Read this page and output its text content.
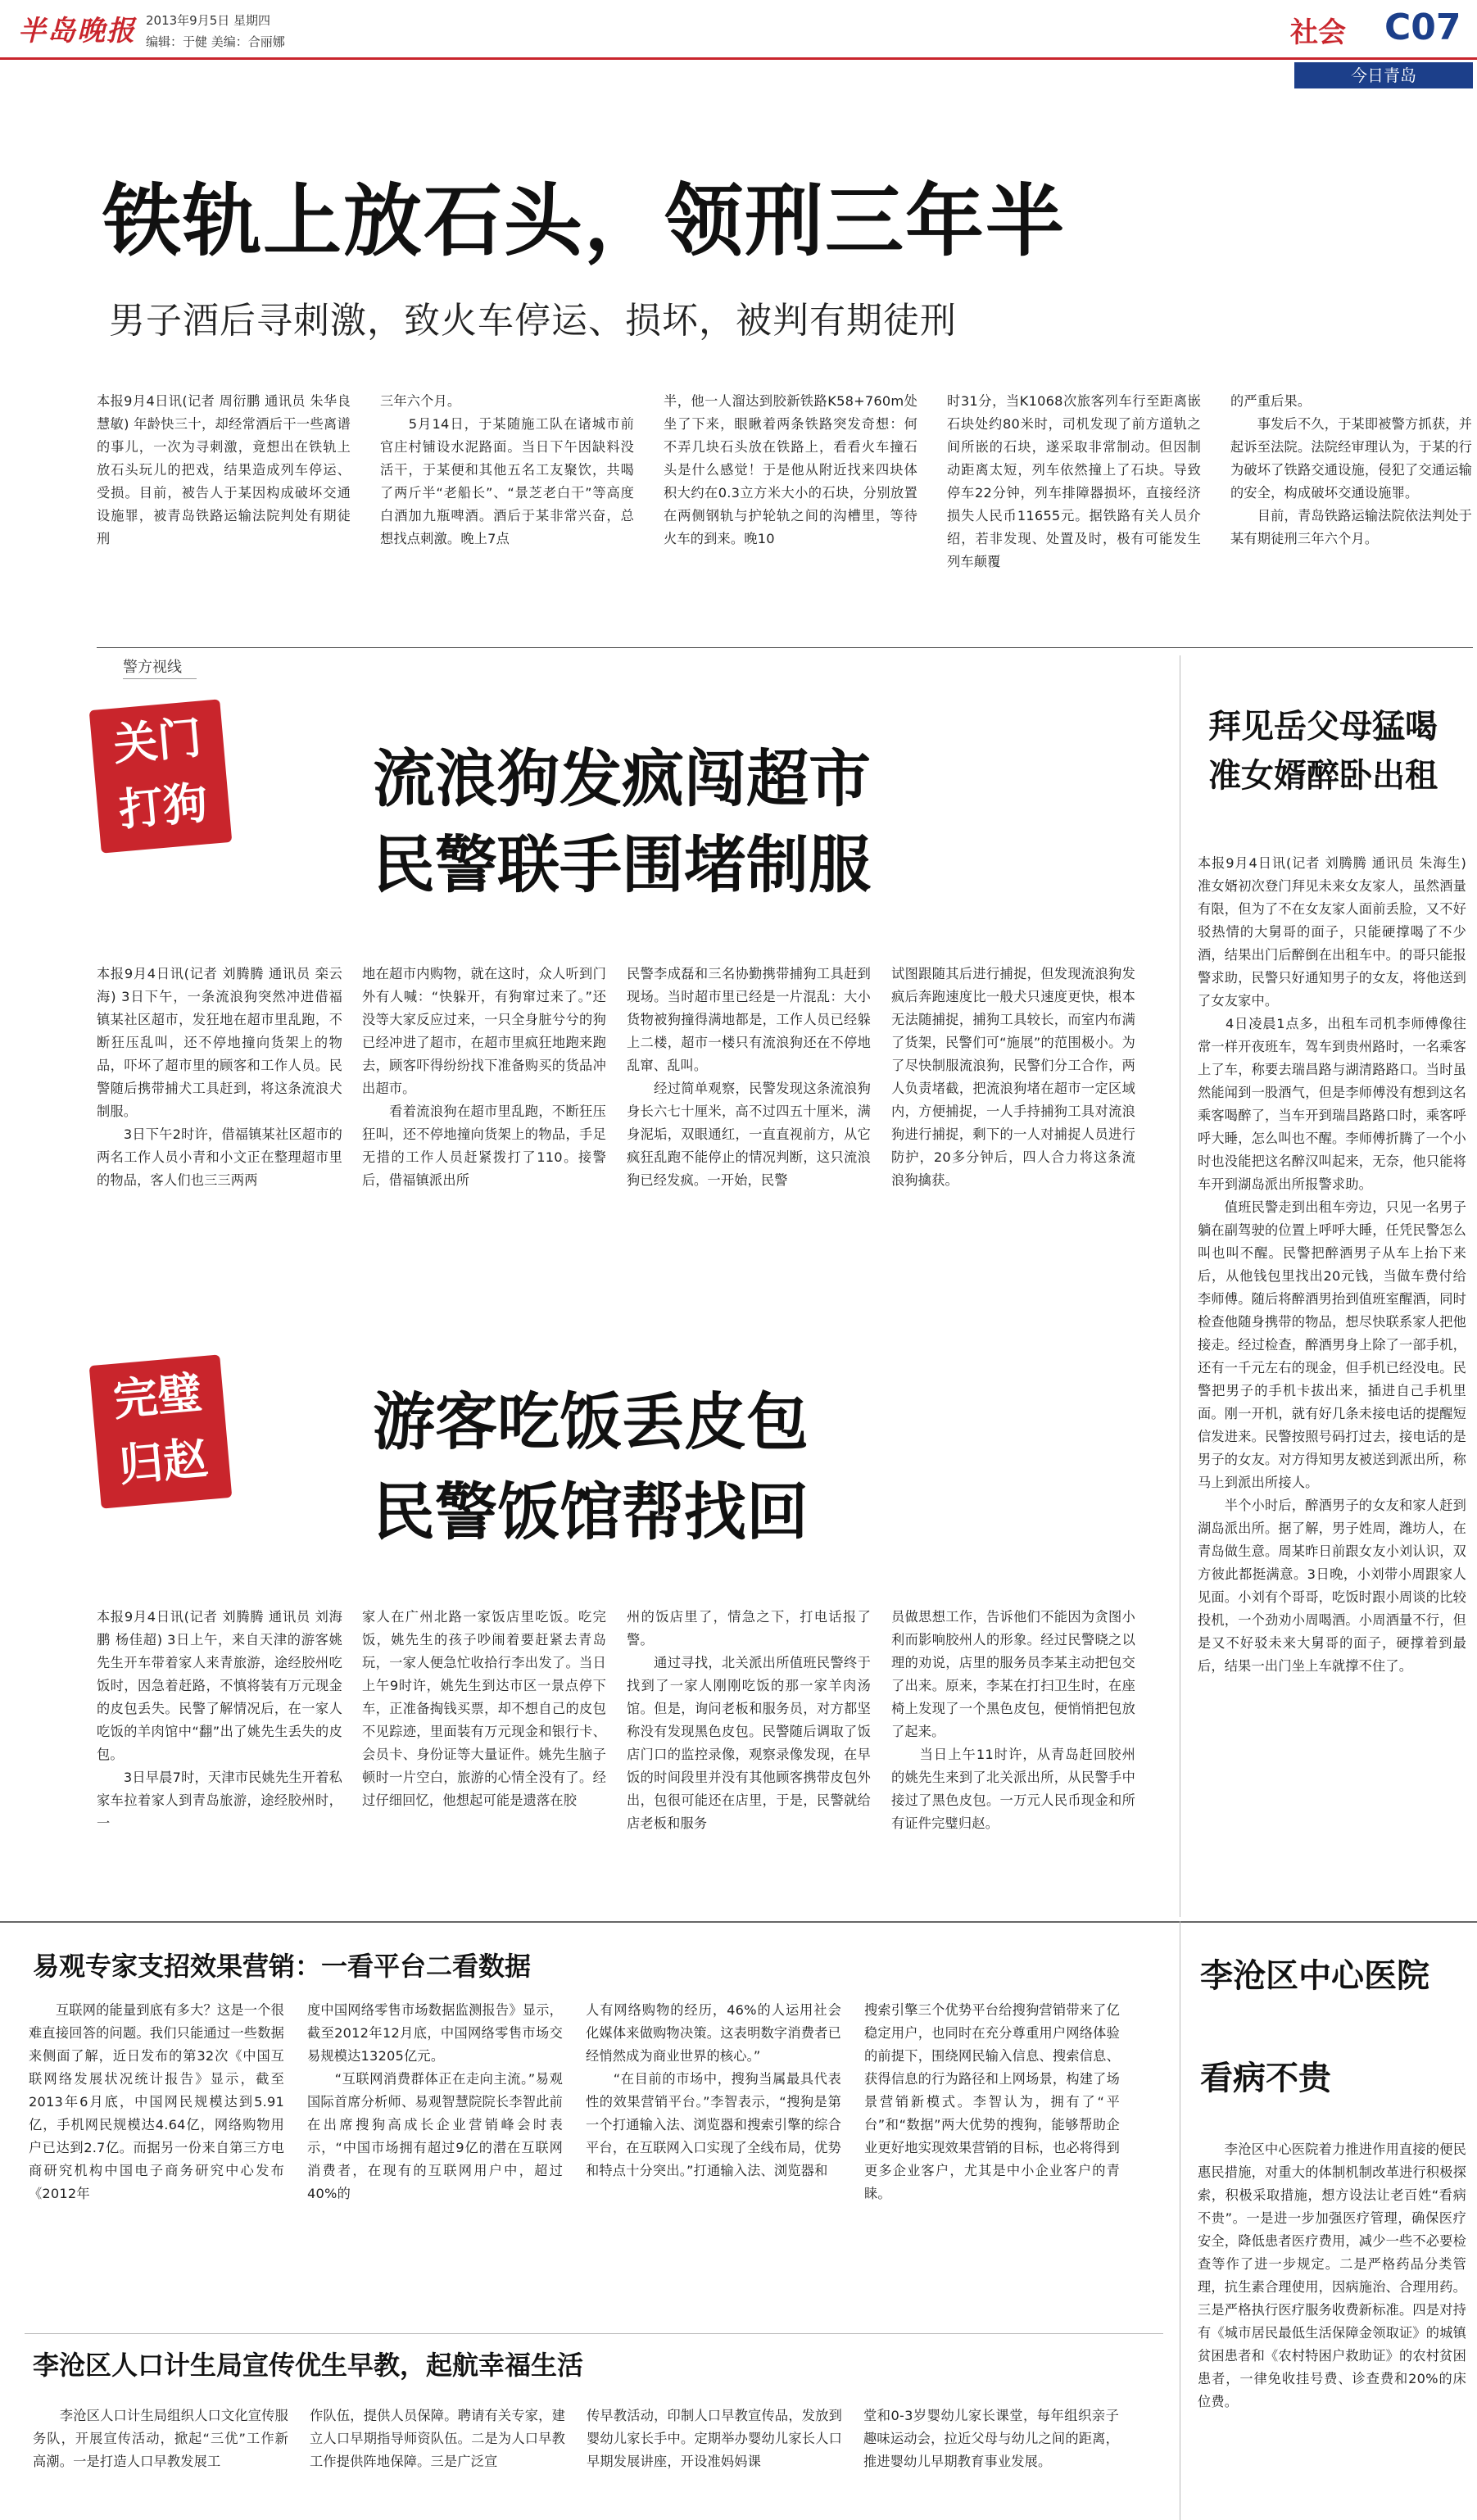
半岛晚报 2013年9月5日 星期四
编辑：于健 美编：合丽娜	社会 C07
今日青岛
铁轨上放石头，领刑三年半
男子酒后寻刺激，致火车停运、损坏，被判有期徒刑
本报9月4日讯(记者 周衍鹏 通讯员 朱华良 慧敏) 年龄快三十，却经常酒后干一些离谱的事儿，一次为寻刺激，竟想出在铁轨上放石头玩儿的把戏，结果造成列车停运、受损。目前，被告人于某因构成破坏交通设施罪，被青岛铁路运输法院判处有期徒刑
三年六个月。
　　5月14日，于某随施工队在诸城市前官庄村铺设水泥路面。当日下午因缺料没活干，于某便和其他五名工友聚饮，共喝了两斤半“老船长”、“景芝老白干”等高度白酒加九瓶啤酒。酒后于某非常兴奋，总想找点刺激。晚上7点
半，他一人溜达到胶新铁路K58+760m处坐了下来，眼瞅着两条铁路突发奇想：何不弄几块石头放在铁路上，看看火车撞石头是什么感觉！于是他从附近找来四块体积大约在0.3立方米大小的石块，分别放置在两侧钢轨与护轮轨之间的沟槽里，等待火车的到来。晚10
时31分，当K1068次旅客列车行至距离嵌石块处约80米时，司机发现了前方道轨之间所嵌的石块，遂采取非常制动。但因制动距离太短，列车依然撞上了石块。导致停车22分钟，列车排障器损坏，直接经济损失人民币11655元。据铁路有关人员介绍，若非发现、处置及时，极有可能发生列车颠覆
的严重后果。
　　事发后不久，于某即被警方抓获，并起诉至法院。法院经审理认为，于某的行为破坏了铁路交通设施，侵犯了交通运输的安全，构成破坏交通设施罪。
　　目前，青岛铁路运输法院依法判处于某有期徒刑三年六个月。
警方视线
关门打狗	流浪狗发疯闯超市
民警联手围堵制服
本报9月4日讯(记者 刘腾腾 通讯员 栾云海) 3日下午，一条流浪狗突然冲进借福镇某社区超市，发狂地在超市里乱跑，不断狂压乱叫，还不停地撞向货架上的物品，吓坏了超市里的顾客和工作人员。民警随后携带捕犬工具赶到，将这条流浪犬制服。
　　3日下午2时许，借福镇某社区超市的两名工作人员小青和小文正在整理超市里的物品，客人们也三三两两
地在超市内购物，就在这时，众人听到门外有人喊：“快躲开，有狗窜过来了。”还没等大家反应过来，一只全身脏兮兮的狗已经冲进了超市，在超市里疯狂地跑来跑去，顾客吓得纷纷找下准备购买的货品冲出超市。
　　看着流浪狗在超市里乱跑，不断狂压狂叫，还不停地撞向货架上的物品，手足无措的工作人员赶紧拨打了110。接警后，借福镇派出所
民警李成磊和三名协勤携带捕狗工具赶到现场。当时超市里已经是一片混乱：大小货物被狗撞得满地都是，工作人员已经躲上二楼，超市一楼只有流浪狗还在不停地乱窜、乱叫。
　　经过简单观察，民警发现这条流浪狗身长六七十厘米，高不过四五十厘米，满身泥垢，双眼通红，一直直视前方，从它疯狂乱跑不能停止的情况判断，这只流浪狗已经发疯。一开始，民警
试图跟随其后进行捕捉，但发现流浪狗发疯后奔跑速度比一般犬只速度更快，根本无法随捕捉，捕狗工具较长，而室内布满了货架，民警们可“施展”的范围极小。为了尽快制服流浪狗，民警们分工合作，两人负责堵截，把流浪狗堵在超市一定区域内，方便捕捉，一人手持捕狗工具对流浪狗进行捕捉，剩下的一人对捕捉人员进行防护，20多分钟后，四人合力将这条流浪狗擒获。
完璧归赵
游客吃饭丢皮包
民警饭馆帮找回
本报9月4日讯(记者 刘腾腾 通讯员 刘海鹏 杨佳超) 3日上午，来自天津的游客姚先生开车带着家人来青旅游，途经胶州吃饭时，因急着赶路，不慎将装有万元现金的皮包丢失。民警了解情况后，在一家人吃饭的羊肉馆中“翻”出了姚先生丢失的皮包。
　　3日早晨7时，天津市民姚先生开着私家车拉着家人到青岛旅游，途经胶州时，一
家人在广州北路一家饭店里吃饭。吃完饭，姚先生的孩子吵闹着要赶紧去青岛玩，一家人便急忙收拾行李出发了。当日上午9时许，姚先生到达市区一景点停下车，正准备掏钱买票，却不想自己的皮包不见踪迹，里面装有万元现金和银行卡、会员卡、身份证等大量证件。姚先生脑子顿时一片空白，旅游的心情全没有了。经过仔细回忆，他想起可能是遗落在胶
州的饭店里了，情急之下，打电话报了警。
　　通过寻找，北关派出所值班民警终于找到了一家人刚刚吃饭的那一家羊肉汤馆。但是，询问老板和服务员，对方都坚称没有发现黑色皮包。民警随后调取了饭店门口的监控录像，观察录像发现，在早饭的时间段里并没有其他顾客携带皮包外出，包很可能还在店里，于是，民警就给店老板和服务
员做思想工作，告诉他们不能因为贪图小利而影响胶州人的形象。经过民警晓之以理的劝说，店里的服务员李某主动把包交了出来。原来，李某在打扫卫生时，在座椅上发现了一个黑色皮包，便悄悄把包放了起来。
　　当日上午11时许，从青岛赶回胶州的姚先生来到了北关派出所，从民警手中接过了黑色皮包。一万元人民币现金和所有证件完璧归赵。
拜见岳父母猛喝
准女婿醉卧出租
本报9月4日讯(记者 刘腾腾 通讯员 朱海生) 准女婿初次登门拜见未来女友家人，虽然酒量有限，但为了不在女友家人面前丢脸，又不好驳热情的大舅哥的面子，只能硬撑喝了不少酒，结果出门后醉倒在出租车中。的哥只能报警求助，民警只好通知男子的女友，将他送到了女友家中。
　　4日凌晨1点多，出租车司机李师傅像往常一样开夜班车，驾车到贵州路时，一名乘客上了车，称要去瑞昌路与湖清路路口。当时虽然能闻到一股酒气，但是李师傅没有想到这名乘客喝醉了，当车开到瑞昌路路口时，乘客呼呼大睡，怎么叫也不醒。李师傅折腾了一个小时也没能把这名醉汉叫起来，无奈，他只能将车开到湖岛派出所报警求助。
　　值班民警走到出租车旁边，只见一名男子躺在副驾驶的位置上呼呼大睡，任凭民警怎么叫也叫不醒。民警把醉酒男子从车上抬下来后，从他钱包里找出20元钱，当做车费付给李师傅。随后将醉酒男抬到值班室醒酒，同时检查他随身携带的物品，想尽快联系家人把他接走。经过检查，醉酒男身上除了一部手机，还有一千元左右的现金，但手机已经没电。民警把男子的手机卡拔出来，插进自己手机里面。刚一开机，就有好几条未接电话的提醒短信发进来。民警按照号码打过去，接电话的是男子的女友。对方得知男友被送到派出所，称马上到派出所接人。
　　半个小时后，醉酒男子的女友和家人赶到湖岛派出所。据了解，男子姓周，潍坊人，在青岛做生意。周某昨日前跟女友小刘认识，双方彼此都挺满意。3日晚，小刘带小周跟家人见面。小刘有个哥哥，吃饭时跟小周谈的比较投机，一个劲劝小周喝酒。小周酒量不行，但是又不好驳未来大舅哥的面子，硬撑着到最后，结果一出门坐上车就撑不住了。
易观专家支招效果营销：一看平台二看数据
　　互联网的能量到底有多大？这是一个很难直接回答的问题。我们只能通过一些数据来侧面了解，近日发布的第32次《中国互联网络发展状况统计报告》显示，截至2013年6月底，中国网民规模达到5.91亿，手机网民规模达4.64亿，网络购物用户已达到2.7亿。而据另一份来自第三方电商研究机构中国电子商务研究中心发布《2012年
度中国网络零售市场数据监测报告》显示，截至2012年12月底，中国网络零售市场交易规模达13205亿元。
　　“互联网消费群体正在走向主流。”易观国际首席分析师、易观智慧院院长李智此前在出席搜狗高成长企业营销峰会时表示，“中国市场拥有超过9亿的潜在互联网消费者，在现有的互联网用户中，超过40%的
人有网络购物的经历，46%的人运用社会化媒体来做购物决策。这表明数字消费者已经悄然成为商业世界的核心。”
　　“在目前的市场中，搜狗当属最具代表性的效果营销平台。”李智表示，“搜狗是第一个打通输入法、浏览器和搜索引擎的综合平台，在互联网入口实现了全线布局，优势和特点十分突出。”打通输入法、浏览器和
搜索引擎三个优势平台给搜狗营销带来了亿稳定用户，也同时在充分尊重用户网络体验的前提下，围绕网民输入信息、搜索信息、获得信息的行为路径和上网场景，构建了场景营销新模式。李智认为，拥有了“平台”和“数据”两大优势的搜狗，能够帮助企业更好地实现效果营销的目标，也必将得到更多企业客户，尤其是中小企业客户的青睐。
李沧区中心医院
看病不贵
　　李沧区中心医院着力推进作用直接的便民惠民措施，对重大的体制机制改革进行积极探索，积极采取措施，想方设法让老百姓“看病不贵”。一是进一步加强医疗管理，确保医疗安全，降低患者医疗费用，减少一些不必要检查等作了进一步规定。二是严格药品分类管理，抗生素合理使用，因病施治、合理用药。三是严格执行医疗服务收费新标准。四是对持有《城市居民最低生活保障金领取证》的城镇贫困患者和《农村特困户救助证》的农村贫困患者，一律免收挂号费、诊查费和20%的床位费。
李沧区人口计生局宣传优生早教，起航幸福生活
　　李沧区人口计生局组织人口文化宣传服务队，开展宣传活动，掀起“三优”工作新高潮。一是打造人口早教发展工
作队伍，提供人员保障。聘请有关专家，建立人口早期指导师资队伍。二是为人口早教工作提供阵地保障。三是广泛宣
传早教活动，印制人口早教宣传品，发放到婴幼儿家长手中。定期举办婴幼儿家长人口早期发展讲座，开设准妈妈课
堂和0-3岁婴幼儿家长课堂，每年组织亲子趣味运动会，拉近父母与幼儿之间的距离，推进婴幼儿早期教育事业发展。
